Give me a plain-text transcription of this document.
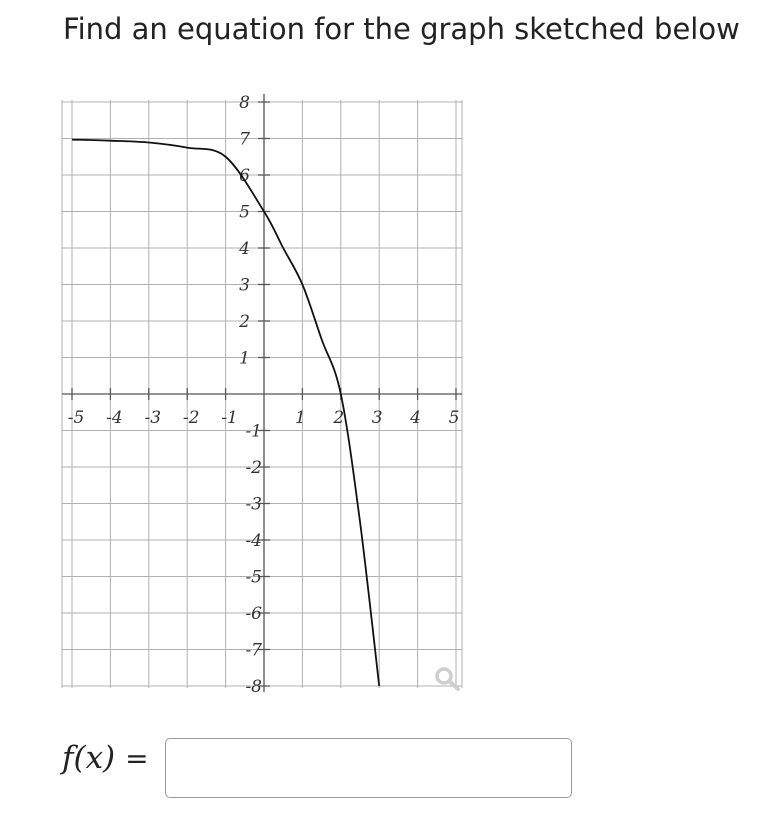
Find an equation for the graph sketched below
-5 -4 -3 -2 -1	1 2 3 4 5
8
7
6
5
4
3
2
1
-1
-2
-3
-4
-5
-6
-7
-8
f(x) =
